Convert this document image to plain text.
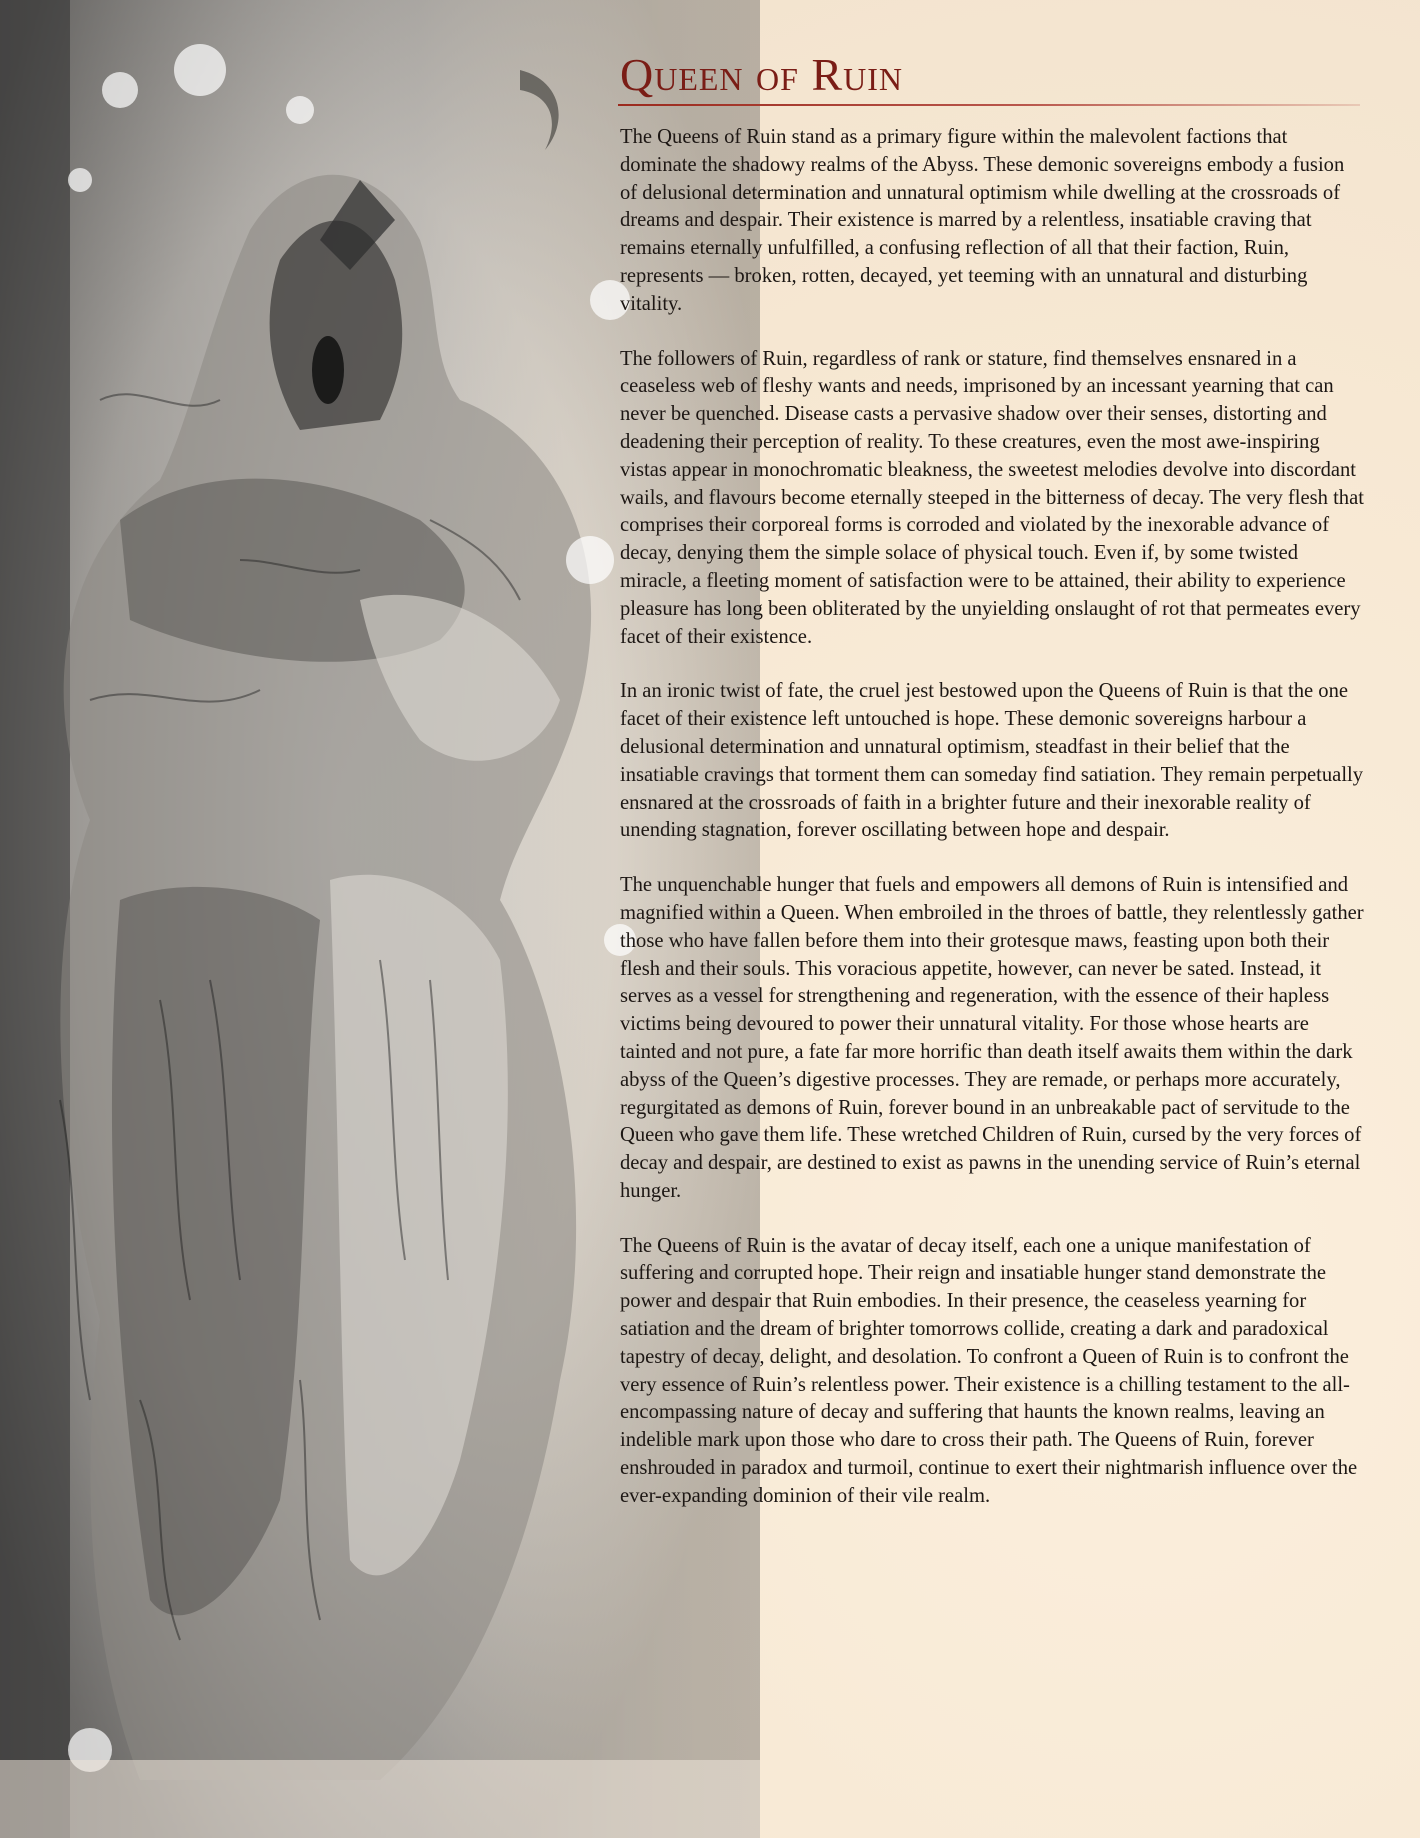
Queen of Ruin

The Queens of Ruin stand as a primary figure within the malevolent factions that dominate the shadowy realms of the Abyss. These demonic sovereigns embody a fusion of delusional determination and unnatural optimism while dwelling at the crossroads of dreams and despair. Their existence is marred by a relentless, insatiable craving that remains eternally unfulfilled, a confusing reflection of all that their faction, Ruin, represents — broken, rotten, decayed, yet teeming with an unnatural and disturbing vitality.

The followers of Ruin, regardless of rank or stature, find themselves ensnared in a ceaseless web of fleshy wants and needs, imprisoned by an incessant yearning that can never be quenched. Disease casts a pervasive shadow over their senses, distorting and deadening their perception of reality. To these creatures, even the most awe-inspiring vistas appear in monochromatic bleakness, the sweetest melodies devolve into discordant wails, and flavours become eternally steeped in the bitterness of decay. The very flesh that comprises their corporeal forms is corroded and violated by the inexorable advance of decay, denying them the simple solace of physical touch. Even if, by some twisted miracle, a fleeting moment of satisfaction were to be attained, their ability to experience pleasure has long been obliterated by the unyielding onslaught of rot that permeates every facet of their existence.

In an ironic twist of fate, the cruel jest bestowed upon the Queens of Ruin is that the one facet of their existence left untouched is hope. These demonic sovereigns harbour a delusional determination and unnatural optimism, steadfast in their belief that the insatiable cravings that torment them can someday find satiation. They remain perpetually ensnared at the crossroads of faith in a brighter future and their inexorable reality of unending stagnation, forever oscillating between hope and despair.

The unquenchable hunger that fuels and empowers all demons of Ruin is intensified and magnified within a Queen. When embroiled in the throes of battle, they relentlessly gather those who have fallen before them into their grotesque maws, feasting upon both their flesh and their souls. This voracious appetite, however, can never be sated. Instead, it serves as a vessel for strengthening and regeneration, with the essence of their hapless victims being devoured to power their unnatural vitality. For those whose hearts are tainted and not pure, a fate far more horrific than death itself awaits them within the dark abyss of the Queen’s digestive processes. They are remade, or perhaps more accurately, regurgitated as demons of Ruin, forever bound in an unbreakable pact of servitude to the Queen who gave them life. These wretched Children of Ruin, cursed by the very forces of decay and despair, are destined to exist as pawns in the unending service of Ruin’s eternal hunger.

The Queens of Ruin is the avatar of decay itself, each one a unique manifestation of suffering and corrupted hope. Their reign and insatiable hunger stand demonstrate the power and despair that Ruin embodies. In their presence, the ceaseless yearning for satiation and the dream of brighter tomorrows collide, creating a dark and paradoxical tapestry of decay, delight, and desolation. To confront a Queen of Ruin is to confront the very essence of Ruin’s relentless power. Their existence is a chilling testament to the all-encompassing nature of decay and suffering that haunts the known realms, leaving an indelible mark upon those who dare to cross their path. The Queens of Ruin, forever enshrouded in paradox and turmoil, continue to exert their nightmarish influence over the ever-expanding dominion of their vile realm.
